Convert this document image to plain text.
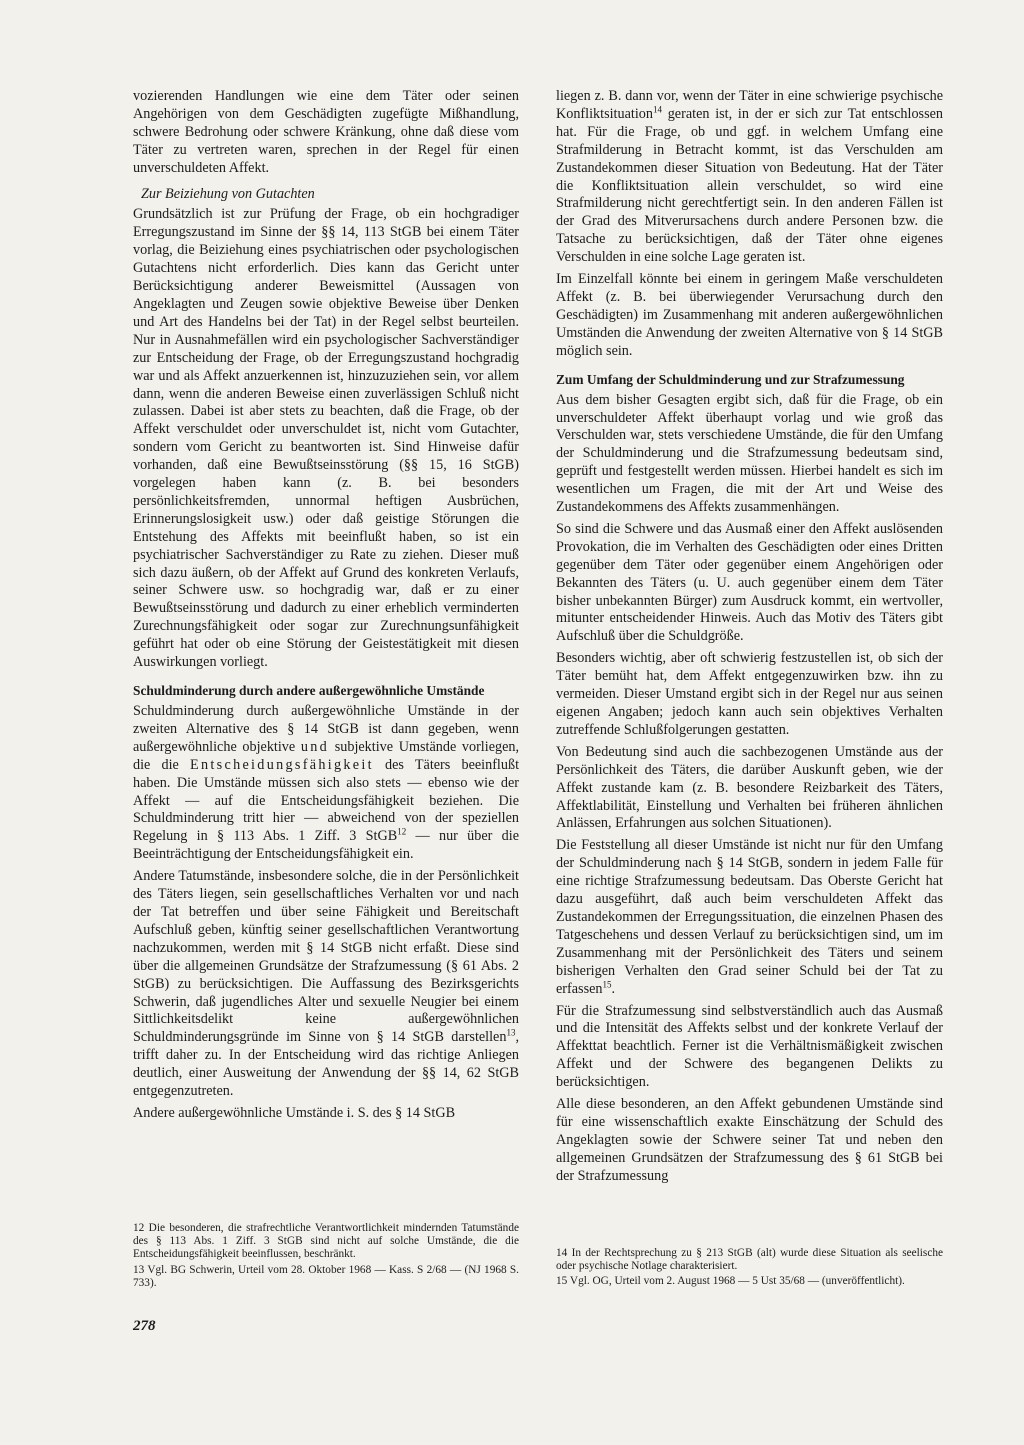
vozierenden Handlungen wie eine dem Täter oder seinen Angehörigen von dem Geschädigten zugefügte Mißhandlung, schwere Bedrohung oder schwere Kränkung, ohne daß diese vom Täter zu vertreten waren, sprechen in der Regel für einen unverschuldeten Affekt.

Zur Beiziehung von Gutachten

Grundsätzlich ist zur Prüfung der Frage, ob ein hochgradiger Erregungszustand im Sinne der §§ 14, 113 StGB bei einem Täter vorlag, die Beiziehung eines psychiatrischen oder psychologischen Gutachtens nicht erforderlich. Dies kann das Gericht unter Berücksichtigung anderer Beweismittel (Aussagen von Angeklagten und Zeugen sowie objektive Beweise über Denken und Art des Handelns bei der Tat) in der Regel selbst beurteilen. Nur in Ausnahmefällen wird ein psychologischer Sachverständiger zur Entscheidung der Frage, ob der Erregungszustand hochgradig war und als Affekt anzuerkennen ist, hinzuzuziehen sein, vor allem dann, wenn die anderen Beweise einen zuverlässigen Schluß nicht zulassen. Dabei ist aber stets zu beachten, daß die Frage, ob der Affekt verschuldet oder unverschuldet ist, nicht vom Gutachter, sondern vom Gericht zu beantworten ist. Sind Hinweise dafür vorhanden, daß eine Bewußtseinsstörung (§§ 15, 16 StGB) vorgelegen haben kann (z. B. bei besonders persönlichkeitsfremden, unnormal heftigen Ausbrüchen, Erinnerungslosigkeit usw.) oder daß geistige Störungen die Entstehung des Affekts mit beeinflußt haben, so ist ein psychiatrischer Sachverständiger zu Rate zu ziehen. Dieser muß sich dazu äußern, ob der Affekt auf Grund des konkreten Verlaufs, seiner Schwere usw. so hochgradig war, daß er zu einer Bewußtseinsstörung und dadurch zu einer erheblich verminderten Zurechnungsfähigkeit oder sogar zur Zurechnungsunfähigkeit geführt hat oder ob eine Störung der Geistestätigkeit mit diesen Auswirkungen vorliegt.

Schuldminderung durch andere außergewöhnliche Umstände

Schuldminderung durch außergewöhnliche Umstände in der zweiten Alternative des § 14 StGB ist dann gegeben, wenn außergewöhnliche objektive und subjektive Umstände vorliegen, die die Entscheidungsfähigkeit des Täters beeinflußt haben. Die Umstände müssen sich also stets — ebenso wie der Affekt — auf die Entscheidungsfähigkeit beziehen. Die Schuldminderung tritt hier — abweichend von der speziellen Regelung in § 113 Abs. 1 Ziff. 3 StGB$^{12}$ — nur über die Beeinträchtigung der Entscheidungsfähigkeit ein.

Andere Tatumstände, insbesondere solche, die in der Persönlichkeit des Täters liegen, sein gesellschaftliches Verhalten vor und nach der Tat betreffen und über seine Fähigkeit und Bereitschaft Aufschluß geben, künftig seiner gesellschaftlichen Verantwortung nachzukommen, werden mit § 14 StGB nicht erfaßt. Diese sind über die allgemeinen Grundsätze der Strafzumessung (§ 61 Abs. 2 StGB) zu berücksichtigen. Die Auffassung des Bezirksgerichts Schwerin, daß jugendliches Alter und sexuelle Neugier bei einem Sittlichkeitsdelikt keine außergewöhnlichen Schuldminderungsgründe im Sinne von § 14 StGB darstellen$^{13}$, trifft daher zu. In der Entscheidung wird das richtige Anliegen deutlich, einer Ausweitung der Anwendung der §§ 14, 62 StGB entgegenzutreten.

Andere außergewöhnliche Umstände i. S. des § 14 StGB

12 Die besonderen, die strafrechtliche Verantwortlichkeit mindernden Tatumstände des § 113 Abs. 1 Ziff. 3 StGB sind nicht auf solche Umstände, die die Entscheidungsfähigkeit beeinflussen, beschränkt.

13 Vgl. BG Schwerin, Urteil vom 28. Oktober 1968 — Kass. S 2/68 — (NJ 1968 S. 733).

liegen z. B. dann vor, wenn der Täter in eine schwierige psychische Konfliktsituation$^{14}$ geraten ist, in der er sich zur Tat entschlossen hat. Für die Frage, ob und ggf. in welchem Umfang eine Strafmilderung in Betracht kommt, ist das Verschulden am Zustandekommen dieser Situation von Bedeutung. Hat der Täter die Konfliktsituation allein verschuldet, so wird eine Strafmilderung nicht gerechtfertigt sein. In den anderen Fällen ist der Grad des Mitverursachens durch andere Personen bzw. die Tatsache zu berücksichtigen, daß der Täter ohne eigenes Verschulden in eine solche Lage geraten ist.

Im Einzelfall könnte bei einem in geringem Maße verschuldeten Affekt (z. B. bei überwiegender Verursachung durch den Geschädigten) im Zusammenhang mit anderen außergewöhnlichen Umständen die Anwendung der zweiten Alternative von § 14 StGB möglich sein.

Zum Umfang der Schuldminderung und zur Strafzumessung

Aus dem bisher Gesagten ergibt sich, daß für die Frage, ob ein unverschuldeter Affekt überhaupt vorlag und wie groß das Verschulden war, stets verschiedene Umstände, die für den Umfang der Schuldminderung und die Strafzumessung bedeutsam sind, geprüft und festgestellt werden müssen. Hierbei handelt es sich im wesentlichen um Fragen, die mit der Art und Weise des Zustandekommens des Affekts zusammenhängen.

So sind die Schwere und das Ausmaß einer den Affekt auslösenden Provokation, die im Verhalten des Geschädigten oder eines Dritten gegenüber dem Täter oder gegenüber einem Angehörigen oder Bekannten des Täters (u. U. auch gegenüber einem dem Täter bisher unbekannten Bürger) zum Ausdruck kommt, ein wertvoller, mitunter entscheidender Hinweis. Auch das Motiv des Täters gibt Aufschluß über die Schuldgröße.

Besonders wichtig, aber oft schwierig festzustellen ist, ob sich der Täter bemüht hat, dem Affekt entgegenzuwirken bzw. ihn zu vermeiden. Dieser Umstand ergibt sich in der Regel nur aus seinen eigenen Angaben; jedoch kann auch sein objektives Verhalten zutreffende Schlußfolgerungen gestatten.

Von Bedeutung sind auch die sachbezogenen Umstände aus der Persönlichkeit des Täters, die darüber Auskunft geben, wie der Affekt zustande kam (z. B. besondere Reizbarkeit des Täters, Affektlabilität, Einstellung und Verhalten bei früheren ähnlichen Anlässen, Erfahrungen aus solchen Situationen).

Die Feststellung all dieser Umstände ist nicht nur für den Umfang der Schuldminderung nach § 14 StGB, sondern in jedem Falle für eine richtige Strafzumessung bedeutsam. Das Oberste Gericht hat dazu ausgeführt, daß auch beim verschuldeten Affekt das Zustandekommen der Erregungssituation, die einzelnen Phasen des Tatgeschehens und dessen Verlauf zu berücksichtigen sind, um im Zusammenhang mit der Persönlichkeit des Täters und seinem bisherigen Verhalten den Grad seiner Schuld bei der Tat zu erfassen$^{15}$.

Für die Strafzumessung sind selbstverständlich auch das Ausmaß und die Intensität des Affekts selbst und der konkrete Verlauf der Affekttat beachtlich. Ferner ist die Verhältnismäßigkeit zwischen Affekt und der Schwere des begangenen Delikts zu berücksichtigen.

Alle diese besonderen, an den Affekt gebundenen Umstände sind für eine wissenschaftlich exakte Einschätzung der Schuld des Angeklagten sowie der Schwere seiner Tat und neben den allgemeinen Grundsätzen der Strafzumessung des § 61 StGB bei der Strafzumessung

14 In der Rechtsprechung zu § 213 StGB (alt) wurde diese Situation als seelische oder psychische Notlage charakterisiert.

15 Vgl. OG, Urteil vom 2. August 1968 — 5 Ust 35/68 — (unveröffentlicht).

278
